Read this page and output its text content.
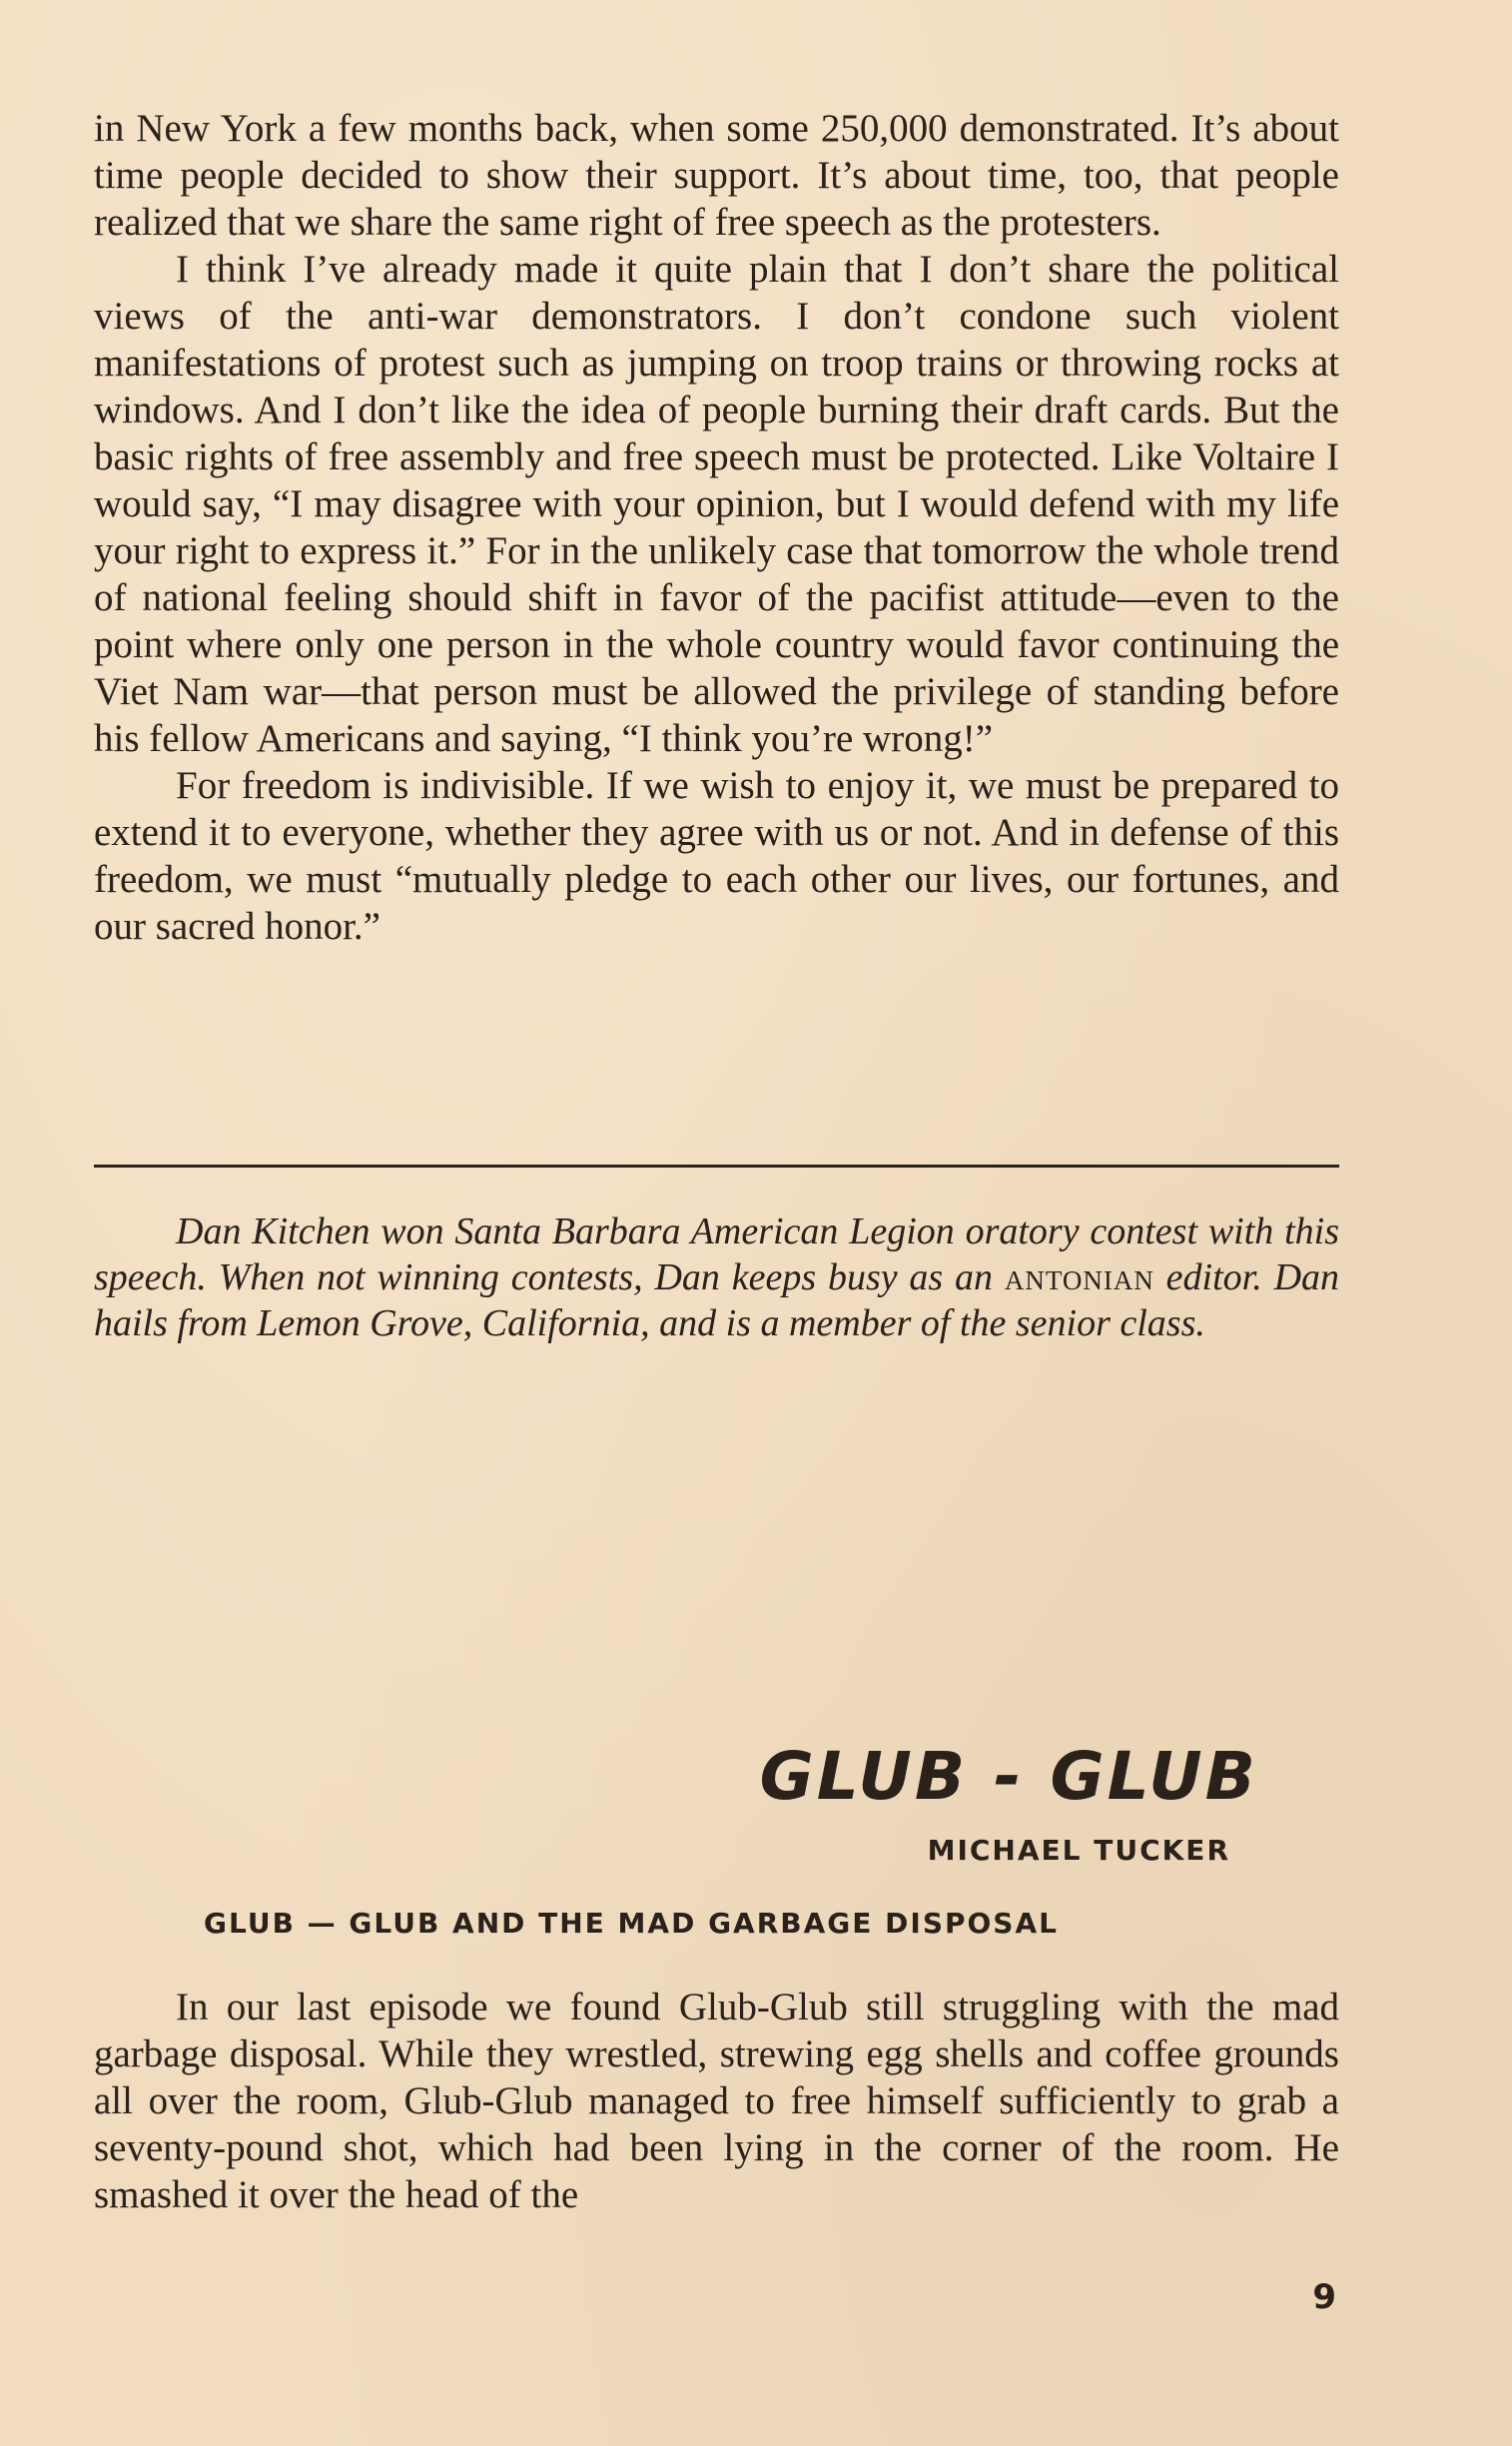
in New York a few months back, when some 250,000 demonstrated. It’s about time people decided to show their support. It’s about time, too, that people realized that we share the same right of free speech as the protesters.

I think I’ve already made it quite plain that I don’t share the political views of the anti-war demonstrators. I don’t condone such violent manifestations of protest such as jumping on troop trains or throwing rocks at windows. And I don’t like the idea of people burning their draft cards. But the basic rights of free assembly and free speech must be protected. Like Voltaire I would say, “I may disagree with your opinion, but I would defend with my life your right to express it.” For in the unlikely case that tomorrow the whole trend of national feeling should shift in favor of the pacifist attitude—even to the point where only one person in the whole country would favor continuing the Viet Nam war—that person must be allowed the privilege of standing before his fellow Americans and saying, “I think you’re wrong!”

For freedom is indivisible. If we wish to enjoy it, we must be prepared to extend it to everyone, whether they agree with us or not. And in defense of this freedom, we must “mutually pledge to each other our lives, our fortunes, and our sacred honor.”

Dan Kitchen won Santa Barbara American Legion oratory contest with this speech. When not winning contests, Dan keeps busy as an antonian editor. Dan hails from Lemon Grove, California, and is a member of the senior class.

GLUB - GLUB

MICHAEL TUCKER

GLUB — GLUB AND THE MAD GARBAGE DISPOSAL

In our last episode we found Glub-Glub still struggling with the mad garbage disposal. While they wrestled, strewing egg shells and coffee grounds all over the room, Glub-Glub managed to free himself sufficiently to grab a seventy-pound shot, which had been lying in the corner of the room. He smashed it over the head of the

9
